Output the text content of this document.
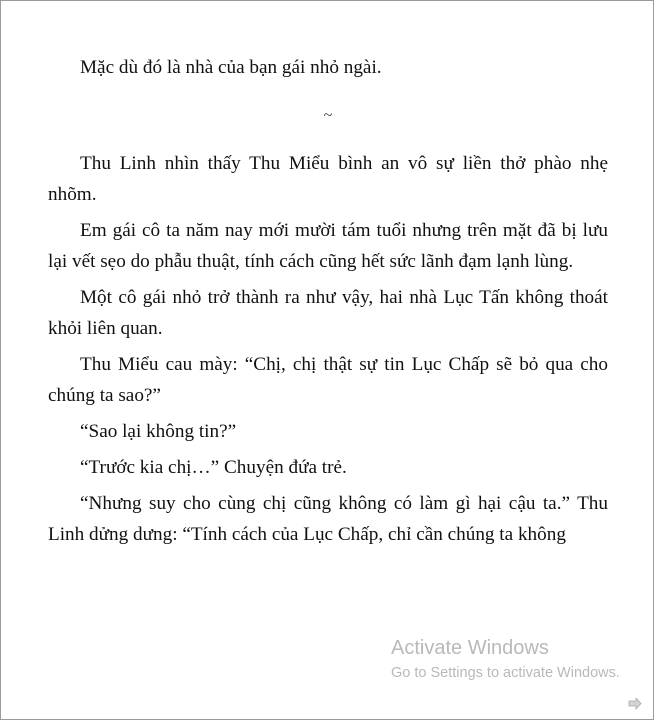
Mặc dù đó là nhà của bạn gái nhỏ ngài.

~

Thu Linh nhìn thấy Thu Miểu bình an vô sự liền thở phào nhẹ nhõm.

Em gái cô ta năm nay mới mười tám tuổi nhưng trên mặt đã bị lưu lại vết sẹo do phẫu thuật, tính cách cũng hết sức lãnh đạm lạnh lùng.

Một cô gái nhỏ trở thành ra như vậy, hai nhà Lục Tấn không thoát khỏi liên quan.

Thu Miểu cau mày: “Chị, chị thật sự tin Lục Chấp sẽ bỏ qua cho chúng ta sao?”

“Sao lại không tin?”

“Trước kia chị…” Chuyện đứa trẻ.

“Nhưng suy cho cùng chị cũng không có làm gì hại cậu ta.” Thu Linh dửng dưng: “Tính cách của Lục Chấp, chỉ cần chúng ta không

Activate Windows
Go to Settings to activate Windows.
